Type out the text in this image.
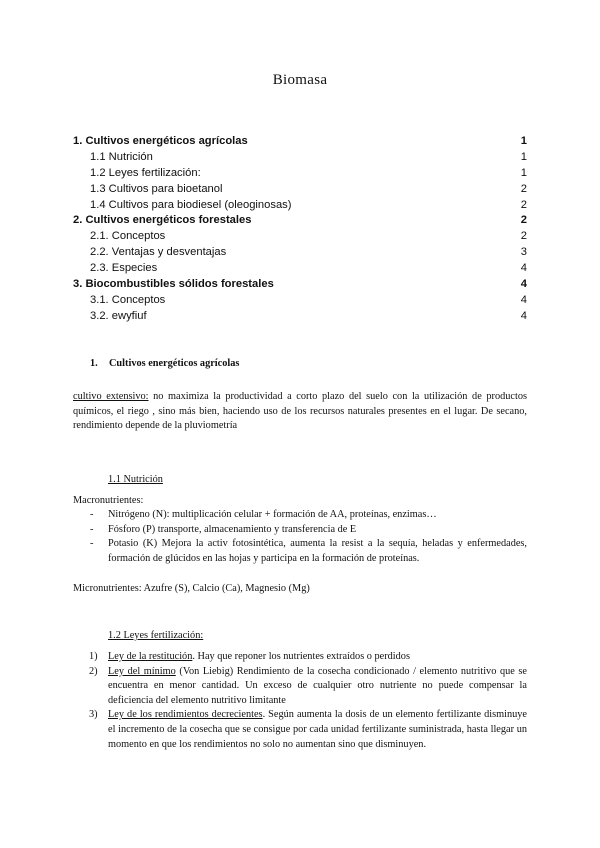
Biomasa
1. Cultivos energéticos agrícolas	1
1.1 Nutrición	1
1.2 Leyes fertilización:	1
1.3 Cultivos para bioetanol	2
1.4 Cultivos para biodiesel (oleoginosas)	2
2. Cultivos energéticos forestales	2
2.1. Conceptos	2
2.2. Ventajas y desventajas	3
2.3. Especies	4
3. Biocombustibles sólidos forestales	4
3.1. Conceptos	4
3.2. ewyfiuf	4
1. Cultivos energéticos agrícolas
cultivo extensivo: no maximiza la productividad a corto plazo del suelo con la utilización de productos químicos, el riego , sino más bien, haciendo uso de los recursos naturales presentes en el lugar. De secano, rendimiento depende de la pluviometría
1.1 Nutrición
Macronutrientes:
- Nitrógeno (N): multiplicación celular + formación de AA, proteínas, enzimas…
- Fósforo (P) transporte, almacenamiento y transferencia de E
- Potasio (K) Mejora la activ fotosintética, aumenta la resist a la sequía, heladas y enfermedades, formación de glúcidos en las hojas y participa en la formación de proteínas.
Micronutrientes: Azufre (S), Calcio (Ca), Magnesio (Mg)
1.2 Leyes fertilización:
1) Ley de la restitución. Hay que reponer los nutrientes extraídos o perdidos
2) Ley del mínimo (Von Liebig) Rendimiento de la cosecha condicionado / elemento nutritivo que se encuentra en menor cantidad. Un exceso de cualquier otro nutriente no puede compensar la deficiencia del elemento nutritivo limitante
3) Ley de los rendimientos decrecientes. Según aumenta la dosis de un elemento fertilizante disminuye el incremento de la cosecha que se consigue por cada unidad fertilizante suministrada, hasta llegar un momento en que los rendimientos no solo no aumentan sino que disminuyen.
